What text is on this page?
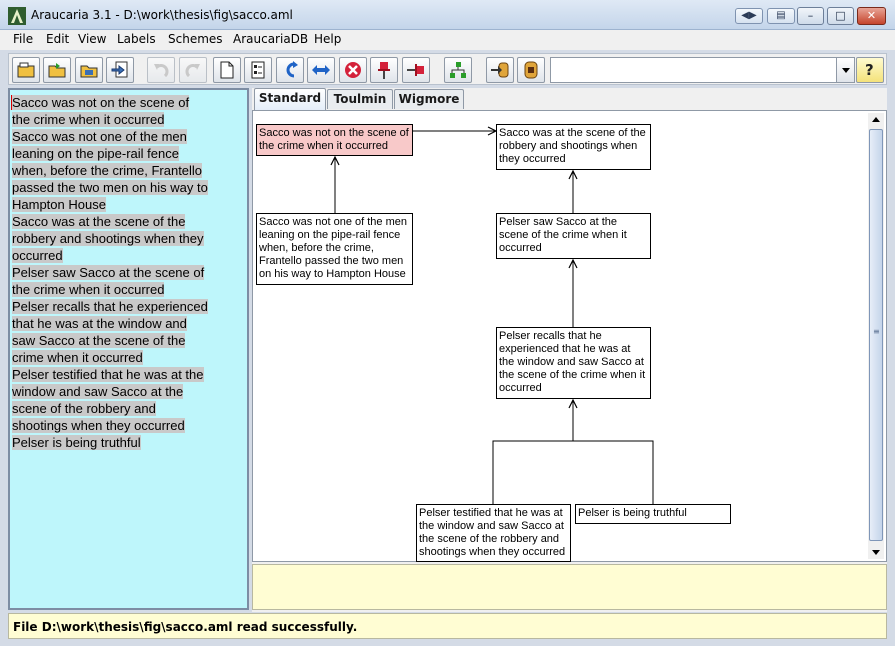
Araucaria 3.1 - D:\work\thesis\fig\sacco.aml	◀▶	▤	–	□	✕
File Edit View Labels Schemes AraucariaDB Help
?
Sacco was not on the scene of
the crime when it occurred
Sacco was not one of the men
leaning on the pipe-rail fence
when, before the crime, Frantello
passed the two men on his way to
Hampton House
Sacco was at the scene of the
robbery and shootings when they
occurred
Pelser saw Sacco at the scene of
the crime when it occurred
Pelser recalls that he experienced
that he was at the window and
saw Sacco at the scene of the
crime when it occurred
Pelser testified that he was at the
window and saw Sacco at the
scene of the robbery and
shootings when they occurred
Pelser is being truthful

Standard	Toulmin	Wigmore
Sacco was not on the scene of the crime when it occurred
Sacco was at the scene of the robbery and shootings when they occurred
Sacco was not one of the men leaning on the pipe-rail fence when, before the crime, Frantello passed the two men on his way to Hampton House
Pelser saw Sacco at the scene of the crime when it occurred
Pelser recalls that he experienced that he was at the window and saw Sacco at the scene of the crime when it occurred
Pelser testified that he was at the window and saw Sacco at the scene of the robbery and shootings when they occurred
Pelser is being truthful
≡
File D:\work\thesis\fig\sacco.aml read successfully.
